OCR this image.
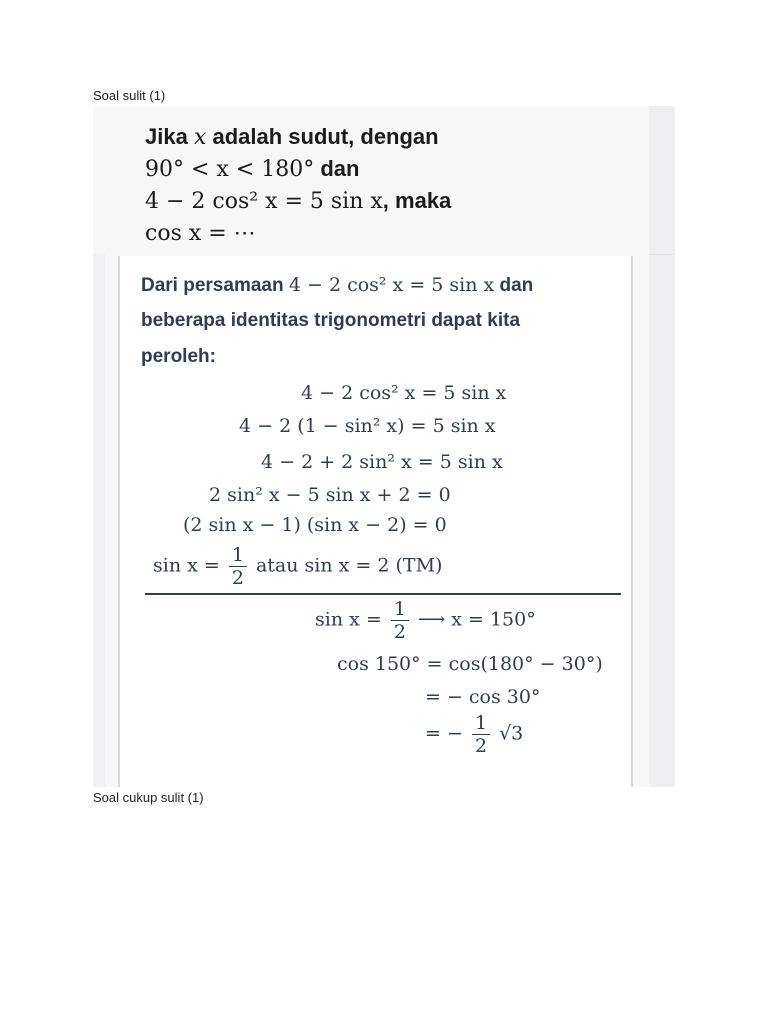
Soal sulit (1)
Jika x adalah sudut, dengan
90° < x < 180° dan
4 − 2 cos² x = 5 sin x, maka
cos x = ⋯
Dari persamaan 4 − 2 cos² x = 5 sin x dan
beberapa identitas trigonometri dapat kita
peroleh:
4 − 2 cos² x = 5 sin x
4 − 2 (1 − sin² x) = 5 sin x
4 − 2 + 2 sin² x = 5 sin x
2 sin² x − 5 sin x + 2 = 0
(2 sin x − 1) (sin x − 2) = 0
$\sin x = \frac{1}{2}$ atau sin x = 2 (TM)
$\sin x = \frac{1}{2}$ ⟶ x = 150°
cos 150° = cos(180° − 30°)
= − cos 30°
= − $\frac{1}{2} √3$
Soal cukup sulit (1)
